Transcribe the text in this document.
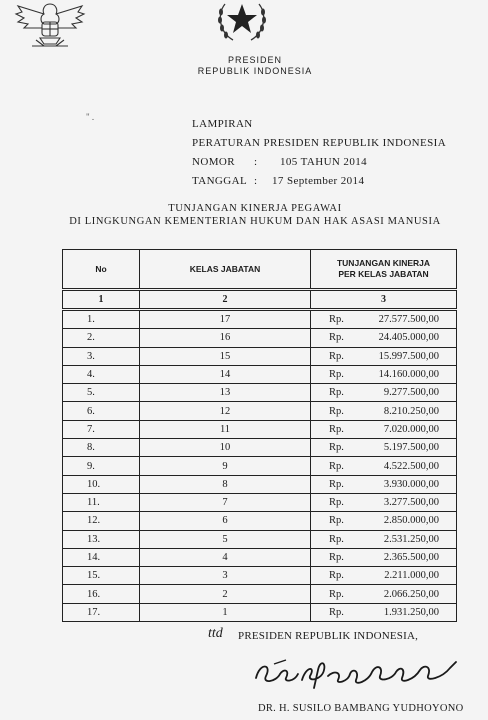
PRESIDEN
REPUBLIK INDONESIA
" .
LAMPIRAN
PERATURAN PRESIDEN REPUBLIK INDONESIA
NOMOR : 105 TAHUN 2014
TANGGAL : 17 September 2014
TUNJANGAN KINERJA PEGAWAI
DI LINGKUNGAN KEMENTERIAN HUKUM DAN HAK ASASI MANUSIA
No	KELAS JABATAN	TUNJANGAN KINERJA
PER KELAS JABATAN
1	2	3
1.	17	Rp. 27.577.500,00
2.	16	Rp. 24.405.000,00
3.	15	Rp. 15.997.500,00
4.	14	Rp. 14.160.000,00
5.	13	Rp. 9.277.500,00
6.	12	Rp. 8.210.250,00
7.	11	Rp. 7.020.000,00
8.	10	Rp. 5.197.500,00
9.	9	Rp. 4.522.500,00
10.	8	Rp. 3.930.000,00
11.	7	Rp. 3.277.500,00
12.	6	Rp. 2.850.000,00
13.	5	Rp. 2.531.250,00
14.	4	Rp. 2.365.500,00
15.	3	Rp. 2.211.000,00
16.	2	Rp. 2.066.250,00
17.	1	Rp. 1.931.250,00
ttd PRESIDEN REPUBLIK INDONESIA,
DR. H. SUSILO BAMBANG YUDHOYONO
